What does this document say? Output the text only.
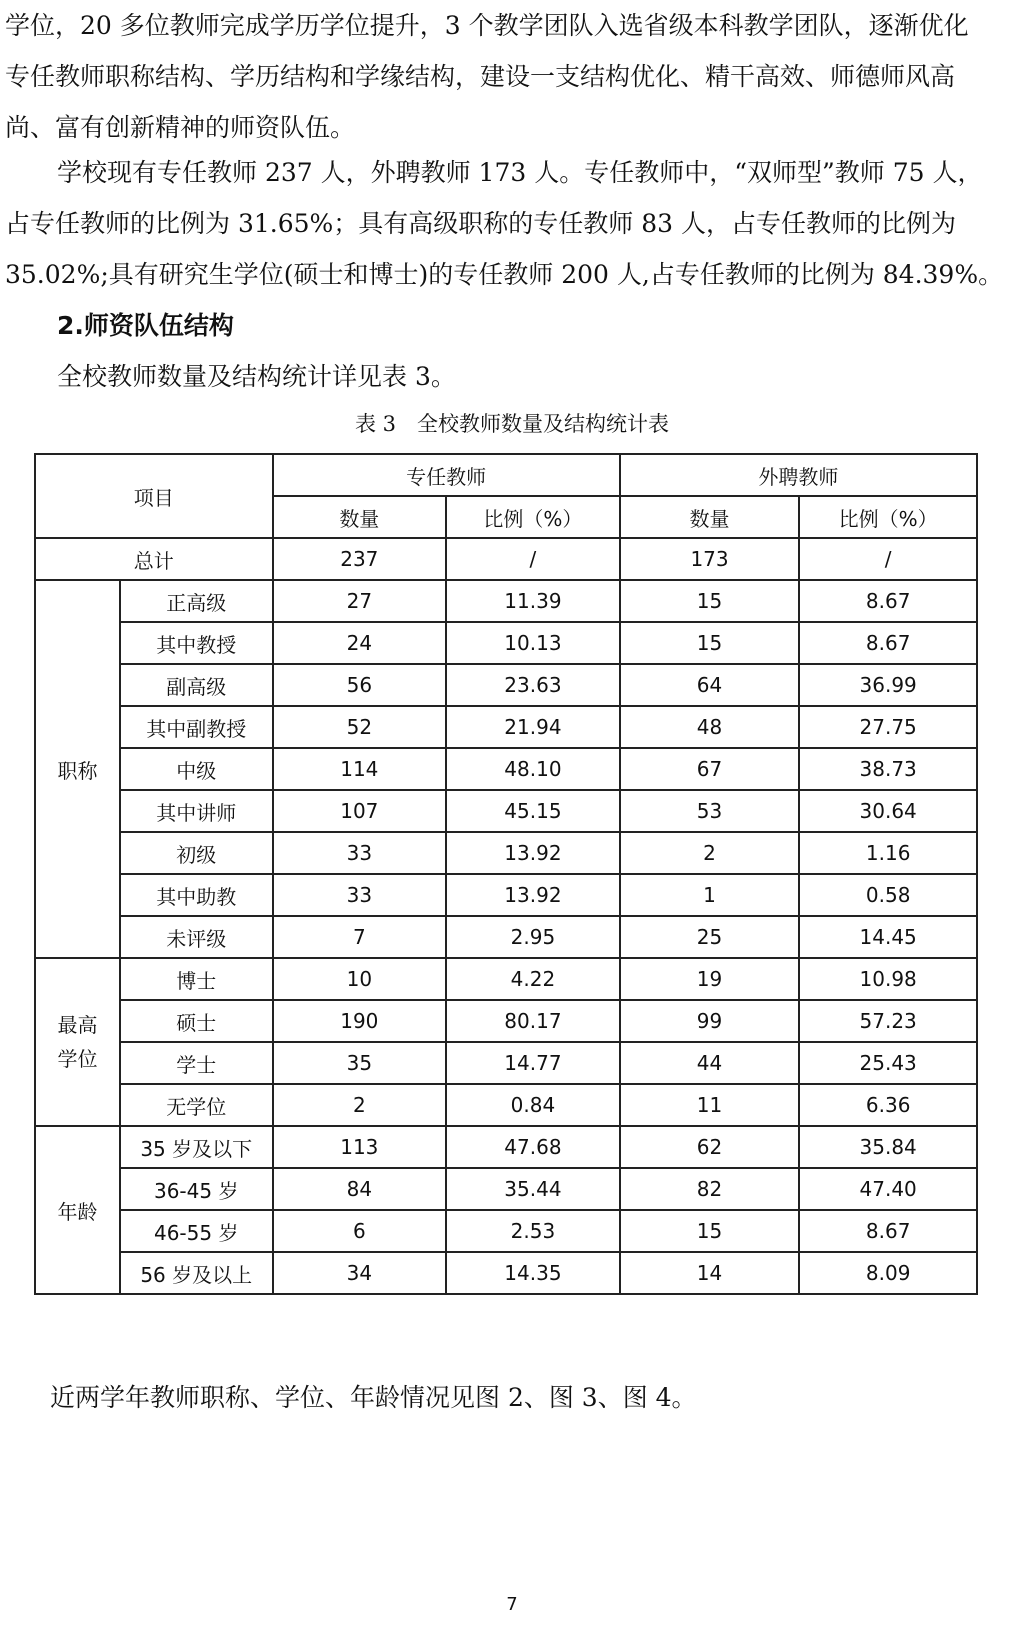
学位，20 多位教师完成学历学位提升，3 个教学团队入选省级本科教学团队，逐渐优化
专任教师职称结构、学历结构和学缘结构，建设一支结构优化、精干高效、师德师风高
尚、富有创新精神的师资队伍。
学校现有专任教师 237 人，外聘教师 173 人。专任教师中，“双师型”教师 75 人，
占专任教师的比例为 31.65%；具有高级职称的专任教师 83 人，占专任教师的比例为
35.02%;具有研究生学位(硕士和博士)的专任教师 200 人,占专任教师的比例为 84.39%。
2.师资队伍结构

全校教师数量及结构统计详见表 3。

表 3　全校教师数量及结构统计表

项目		专任教师		外聘教师	
		数量	比例（%）	数量	比例（%）
总计		237	/	173	/
职称	正高级	27	11.39	15	8.67
	其中教授	24	10.13	15	8.67
	副高级	56	23.63	64	36.99
	其中副教授	52	21.94	48	27.75
	中级	114	48.10	67	38.73
	其中讲师	107	45.15	53	30.64
	初级	33	13.92	2	1.16
	其中助教	33	13.92	1	0.58
	未评级	7	2.95	25	14.45
最高学位	博士	10	4.22	19	10.98
	硕士	190	80.17	99	57.23
	学士	35	14.77	44	25.43
	无学位	2	0.84	11	6.36
年龄	35 岁及以下	113	47.68	62	35.84
	36-45 岁	84	35.44	82	47.40
	46-55 岁	6	2.53	15	8.67
	56 岁及以上	34	14.35	14	8.09

近两学年教师职称、学位、年龄情况见图 2、图 3、图 4。

7
